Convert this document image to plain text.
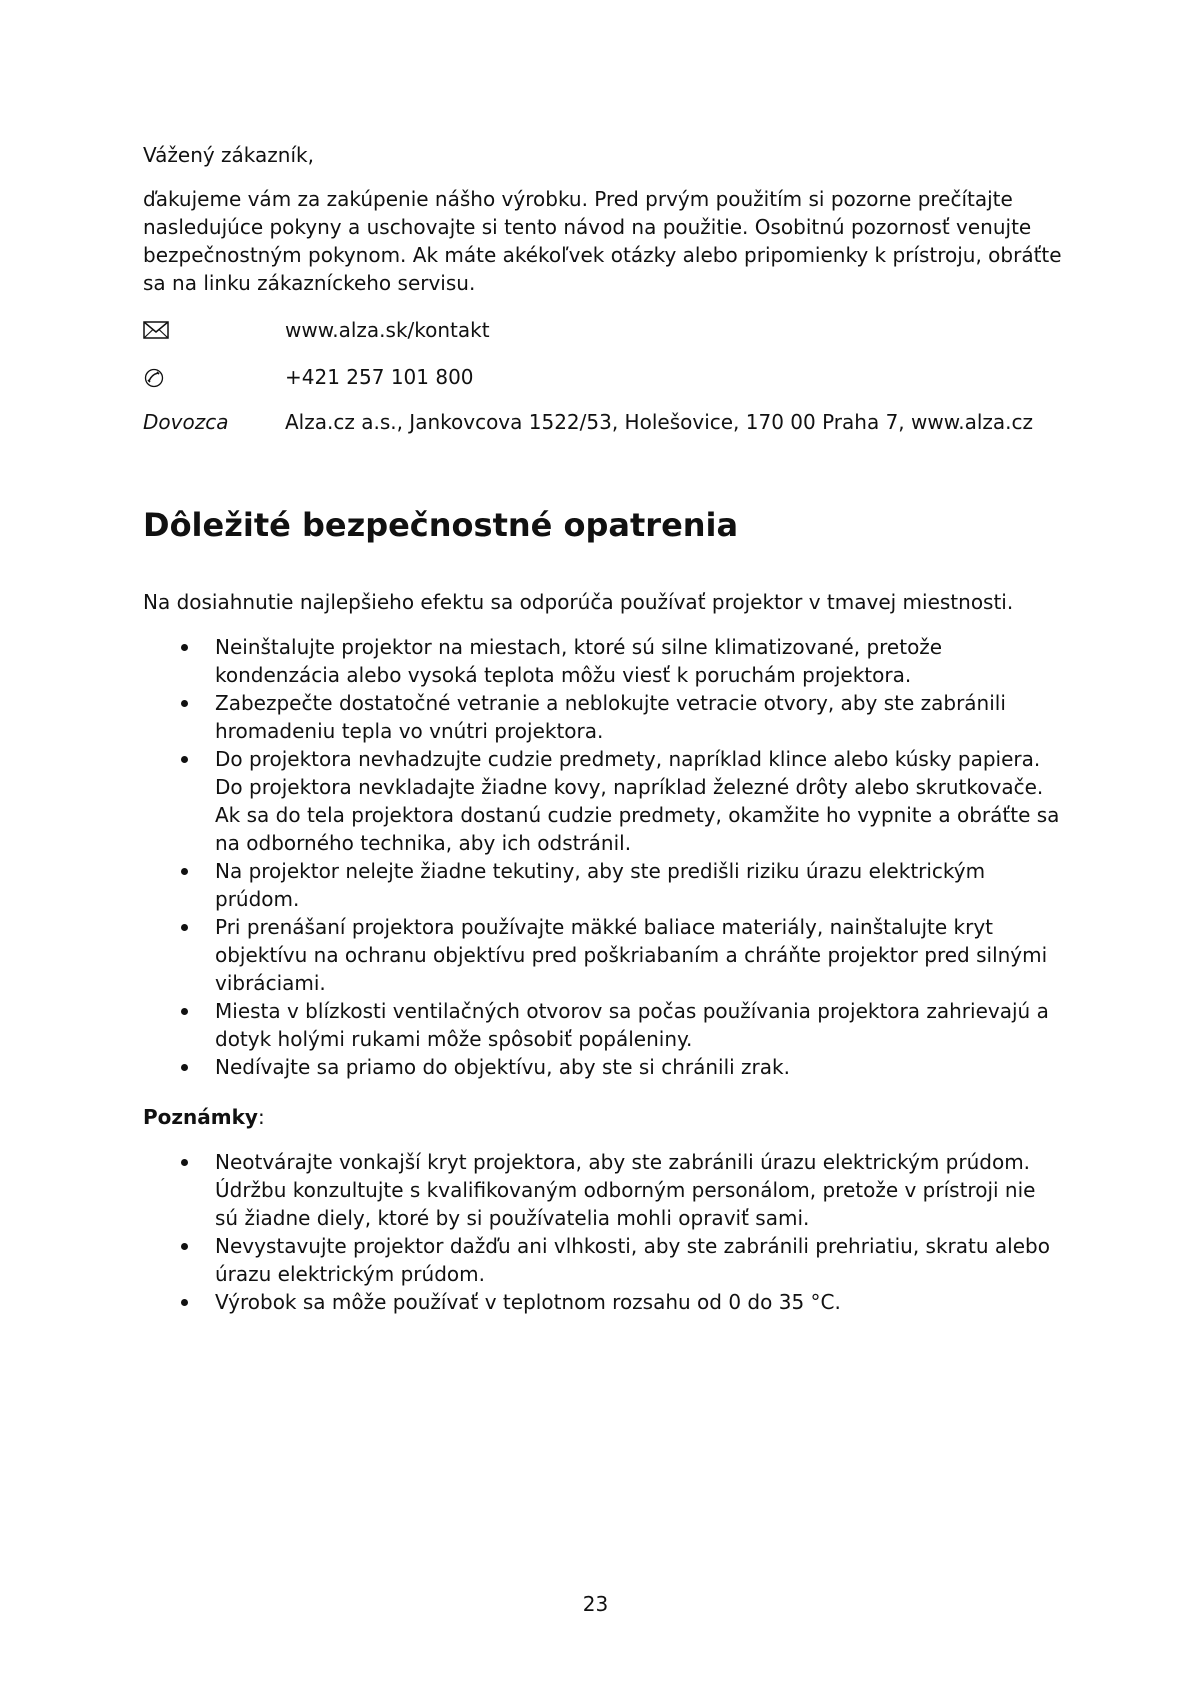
Vážený zákazník,

ďakujeme vám za zakúpenie nášho výrobku. Pred prvým použitím si pozorne prečítajte nasledujúce pokyny a uschovajte si tento návod na použitie. Osobitnú pozornosť venujte bezpečnostným pokynom. Ak máte akékoľvek otázky alebo pripomienky k prístroju, obráťte sa na linku zákazníckeho servisu.

www.alza.sk/kontakt
+421 257 101 800
Dovozca	Alza.cz a.s., Jankovcova 1522/53, Holešovice, 170 00 Praha 7, www.alza.cz
Dôležité bezpečnostné opatrenia

Na dosiahnutie najlepšieho efektu sa odporúča používať projektor v tmavej miestnosti.

Neinštalujte projektor na miestach, ktoré sú silne klimatizované, pretože kondenzácia alebo vysoká teplota môžu viesť k poruchám projektora.
Zabezpečte dostatočné vetranie a neblokujte vetracie otvory, aby ste zabránili hromadeniu tepla vo vnútri projektora.
Do projektora nevhadzujte cudzie predmety, napríklad klince alebo kúsky papiera. Do projektora nevkladajte žiadne kovy, napríklad železné drôty alebo skrutkovače. Ak sa do tela projektora dostanú cudzie predmety, okamžite ho vypnite a obráťte sa na odborného technika, aby ich odstránil.
Na projektor nelejte žiadne tekutiny, aby ste predišli riziku úrazu elektrickým prúdom.
Pri prenášaní projektora používajte mäkké baliace materiály, nainštalujte kryt objektívu na ochranu objektívu pred poškriabaním a chráňte projektor pred silnými vibráciami.
Miesta v blízkosti ventilačných otvorov sa počas používania projektora zahrievajú a dotyk holými rukami môže spôsobiť popáleniny.
Nedívajte sa priamo do objektívu, aby ste si chránili zrak.

Poznámky:

Neotvárajte vonkajší kryt projektora, aby ste zabránili úrazu elektrickým prúdom. Údržbu konzultujte s kvalifikovaným odborným personálom, pretože v prístroji nie sú žiadne diely, ktoré by si používatelia mohli opraviť sami.
Nevystavujte projektor dažďu ani vlhkosti, aby ste zabránili prehriatiu, skratu alebo úrazu elektrickým prúdom.
Výrobok sa môže používať v teplotnom rozsahu od 0 do 35 °C.
23
